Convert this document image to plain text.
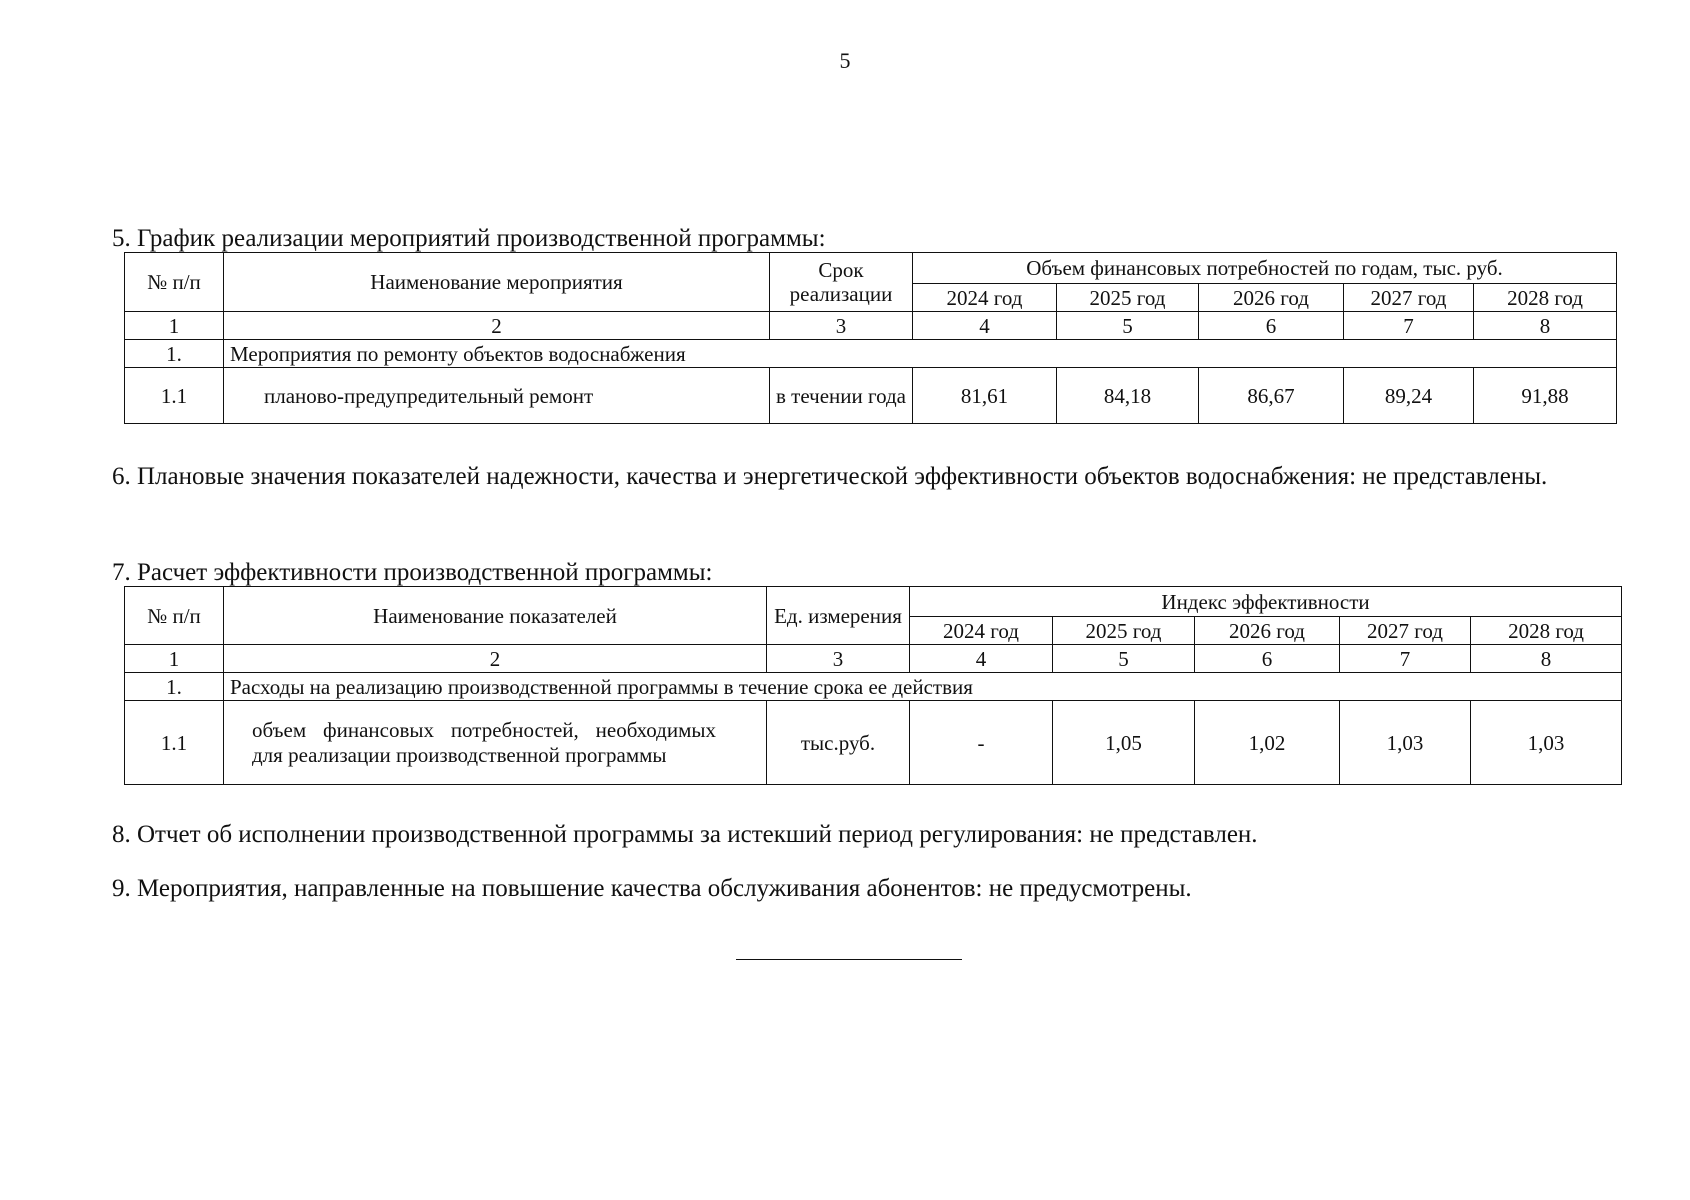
5
5. График реализации мероприятий производственной программы:
№ п/п	Наименование мероприятия	Срок реализации	Объем финансовых потребностей по годам, тыс. руб.				
			2024 год	2025 год	2026 год	2027 год	2028 год
1	2	3	4	5	6	7	8
1.	Мероприятия по ремонту объектов водоснабжения						
1.1	планово-предупредительный ремонт	в течении года	81,61	84,18	86,67	89,24	91,88
6. Плановые значения показателей надежности, качества и энергетической эффективности объектов водоснабжения: не представлены.
7. Расчет эффективности производственной программы:
№ п/п	Наименование показателей	Ед. измерения	Индекс эффективности				
			2024 год	2025 год	2026 год	2027 год	2028 год
1	2	3	4	5	6	7	8
1.	Расходы на реализацию производственной программы в течение срока ее действия						
1.1	объем финансовых потребностей, необходимых для реализации производственной программы	тыс.руб.	-	1,05	1,02	1,03	1,03
8. Отчет об исполнении производственной программы за истекший период регулирования: не представлен.
9. Мероприятия, направленные на повышение качества обслуживания абонентов: не предусмотрены.
